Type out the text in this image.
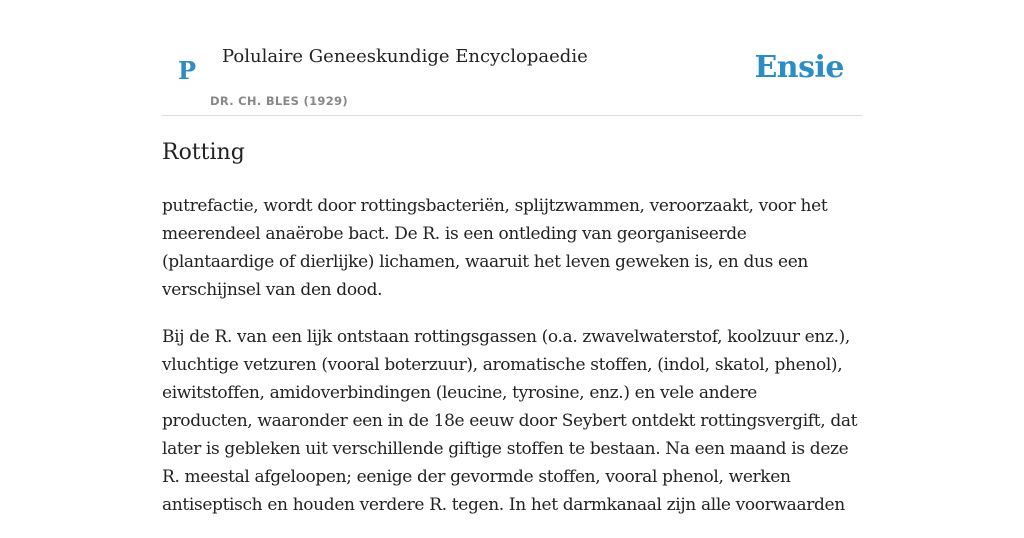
P Polulaire Geneeskundige Encyclopaedie
DR. CH. BLES (1929)
Ensie
Rotting

putrefactie, wordt door rottingsbacteriën, splijtzwammen, veroorzaakt, voor het
meerendeel anaërobe bact. De R. is een ontleding van georganiseerde
(plantaardige of dierlijke) lichamen, waaruit het leven geweken is, en dus een
verschijnsel van den dood.

Bij de R. van een lijk ontstaan rottingsgassen (o.a. zwavelwaterstof, koolzuur enz.),
vluchtige vetzuren (vooral boterzuur), aromatische stoffen, (indol, skatol, phenol),
eiwitstoffen, amidoverbindingen (leucine, tyrosine, enz.) en vele andere
producten, waaronder een in de 18e eeuw door Seybert ontdekt rottingsvergift, dat
later is gebleken uit verschillende giftige stoffen te bestaan. Na een maand is deze
R. meestal afgeloopen; eenige der gevormde stoffen, vooral phenol, werken
antiseptisch en houden verdere R. tegen. In het darmkanaal zijn alle voorwaarden
